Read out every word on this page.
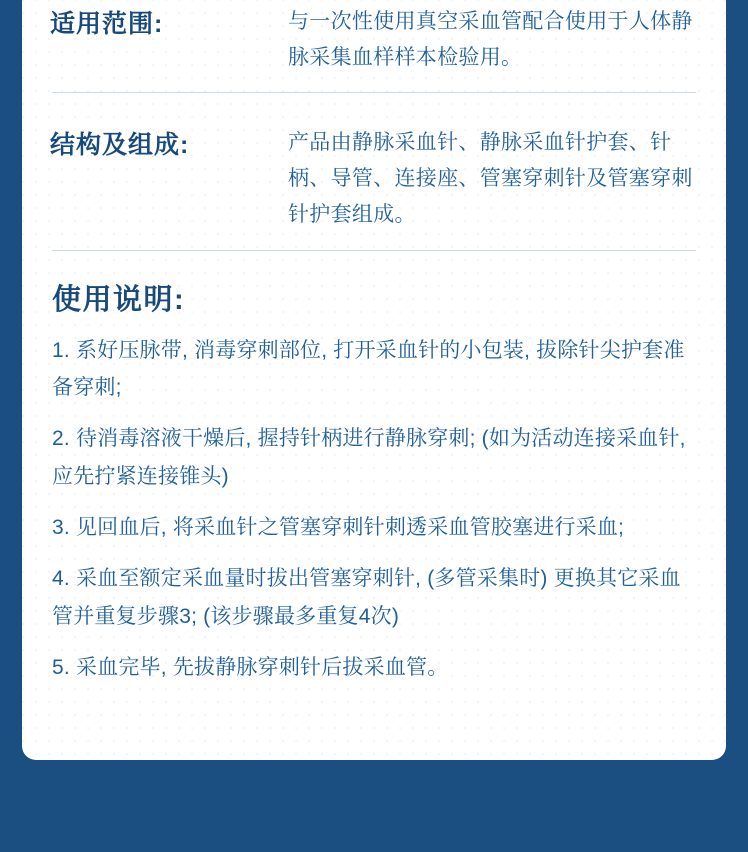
适用范围:	与一次性使用真空采血管配合使用于人体静脉采集血样样本检验用。
结构及组成:	产品由静脉采血针、静脉采血针护套、针柄、导管、连接座、管塞穿刺针及管塞穿刺针护套组成。
使用说明:
1. 系好压脉带, 消毒穿刺部位, 打开采血针的小包装, 拔除针尖护套准备穿刺;
2. 待消毒溶液干燥后, 握持针柄进行静脉穿刺; (如为活动连接采血针, 应先拧紧连接锥头)
3. 见回血后, 将采血针之管塞穿刺针刺透采血管胶塞进行采血;
4. 采血至额定采血量时拔出管塞穿刺针, (多管采集时) 更换其它采血管并重复步骤3; (该步骤最多重复4次)
5. 采血完毕, 先拔静脉穿刺针后拔采血管。
